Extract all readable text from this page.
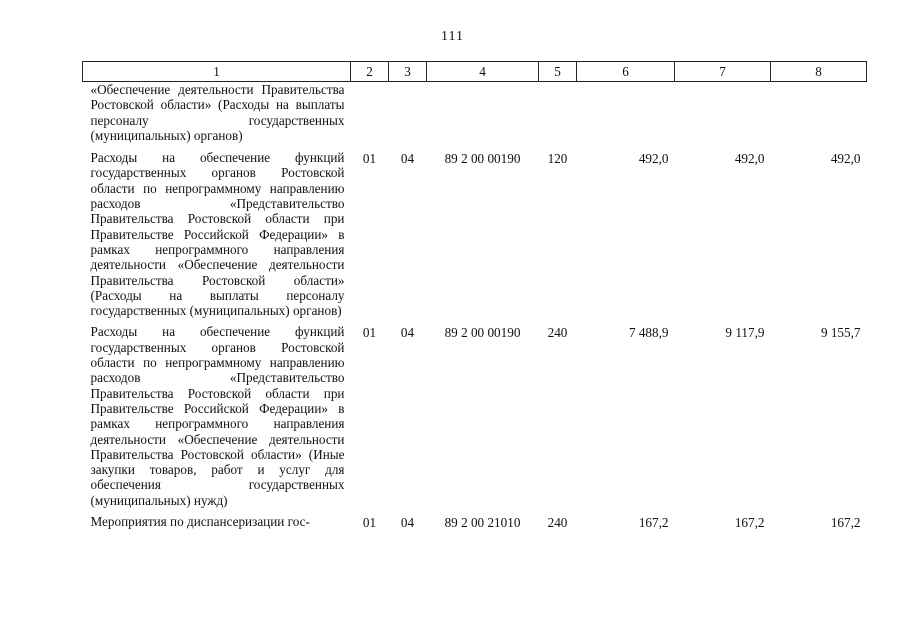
111
1	2	3	4	5	6	7	8
«Обеспечение деятельности Правительства Ростовской области» (Расходы на выплаты персоналу государственных (муниципальных) органов)							
Расходы на обеспечение функций государственных органов Ростовской области по непрограммному направлению расходов «Представительство Правительства Ростовской области при Правительстве Российской Федерации» в рамках непрограммного направления деятельности «Обеспечение деятельности Правительства Ростовской области» (Расходы на выплаты персоналу государственных (муниципальных) органов)	01	04	89 2 00 00190	120	492,0	492,0	492,0
Расходы на обеспечение функций государственных органов Ростовской области по непрограммному направлению расходов «Представительство Правительства Ростовской области при Правительстве Российской Федерации» в рамках непрограммного направления деятельности «Обеспечение деятельности Правительства Ростовской области» (Иные закупки товаров, работ и услуг для обеспечения государственных (муниципальных) нужд)	01	04	89 2 00 00190	240	7 488,9	9 117,9	9 155,7
Мероприятия по диспансеризации гос-	01	04	89 2 00 21010	240	167,2	167,2	167,2
